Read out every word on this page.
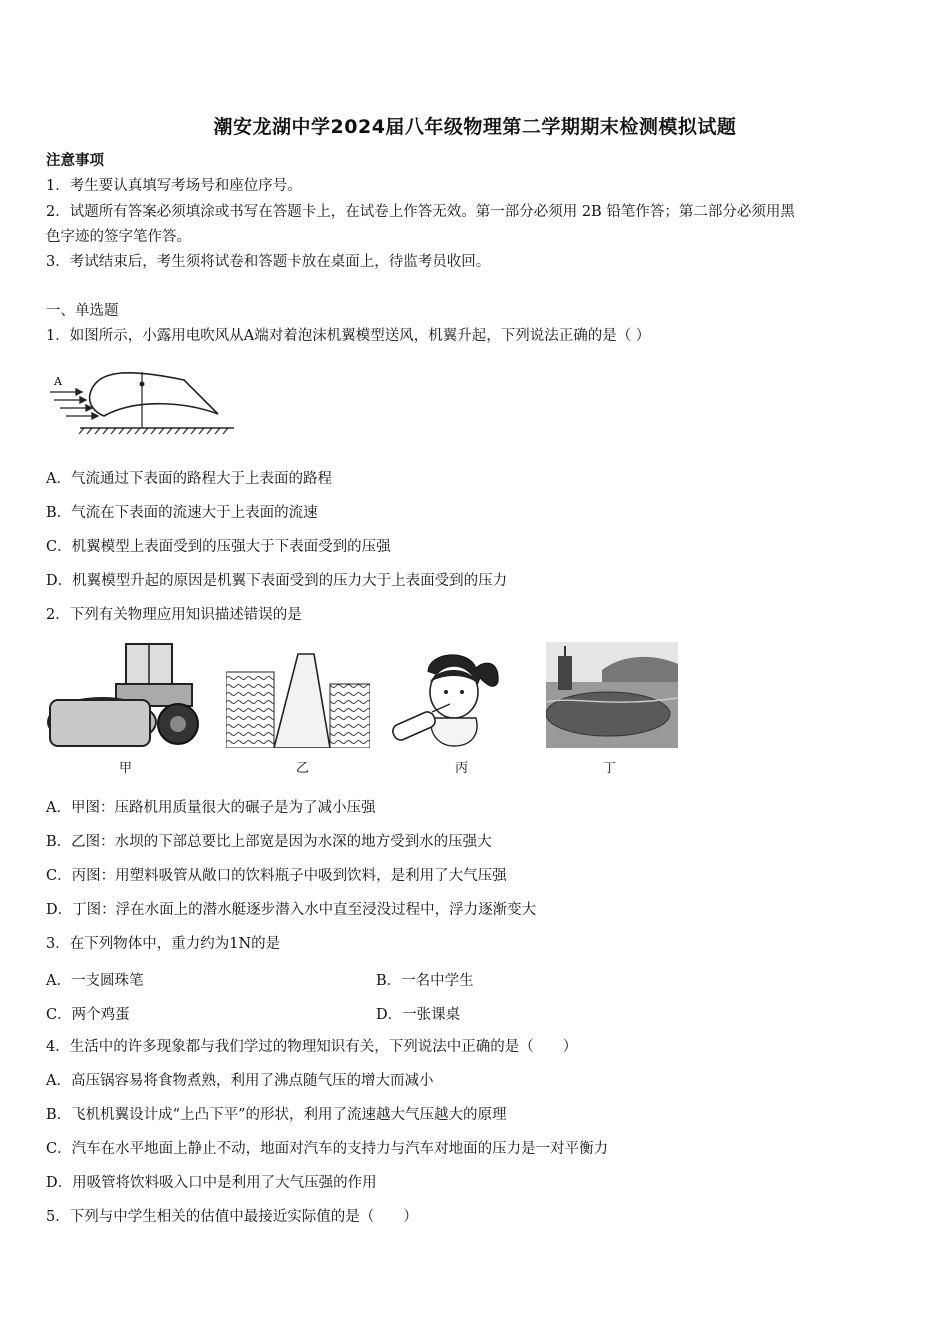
潮安龙湖中学2024届八年级物理第二学期期末检测模拟试题
注意事项
1．考生要认真填写考场号和座位序号。
2．试题所有答案必须填涂或书写在答题卡上，在试卷上作答无效。第一部分必须用 2B 铅笔作答；第二部分必须用黑
色字迹的签字笔作答。
3．考试结束后，考生须将试卷和答题卡放在桌面上，待监考员收回。
一、单选题
1．如图所示，小露用电吹风从A端对着泡沫机翼模型送风，机翼升起，下列说法正确的是（ ）
A
A．气流通过下表面的路程大于上表面的路程
B．气流在下表面的流速大于上表面的流速
C．机翼模型上表面受到的压强大于下表面受到的压强
D．机翼模型升起的原因是机翼下表面受到的压力大于上表面受到的压力
2．下列有关物理应用知识描述错误的是
甲	乙	丙	丁
A．甲图：压路机用质量很大的碾子是为了减小压强
B．乙图：水坝的下部总要比上部宽是因为水深的地方受到水的压强大
C．丙图：用塑料吸管从敞口的饮料瓶子中吸到饮料，是利用了大气压强
D．丁图：浮在水面上的潜水艇逐步潜入水中直至浸没过程中，浮力逐渐变大
3．在下列物体中，重力约为1N的是
A．一支圆珠笔	B．一名中学生
C．两个鸡蛋	D．一张课桌
4．生活中的许多现象都与我们学过的物理知识有关，下列说法中正确的是（　　）
A．高压锅容易将食物煮熟，利用了沸点随气压的增大而减小
B．飞机机翼设计成“上凸下平”的形状，利用了流速越大气压越大的原理
C．汽车在水平地面上静止不动，地面对汽车的支持力与汽车对地面的压力是一对平衡力
D．用吸管将饮料吸入口中是利用了大气压强的作用
5．下列与中学生相关的估值中最接近实际值的是（　　）
